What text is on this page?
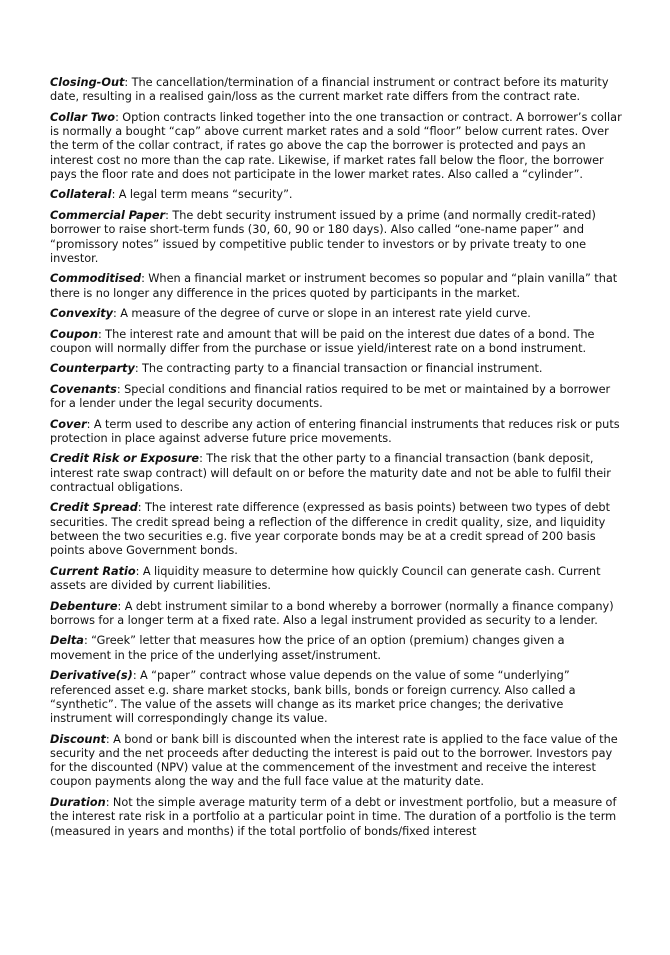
Closing-Out: The cancellation/termination of a financial instrument or contract before its maturity date, resulting in a realised gain/loss as the current market rate differs from the contract rate.

Collar Two: Option contracts linked together into the one transaction or contract. A borrower’s collar is normally a bought “cap” above current market rates and a sold “floor” below current rates. Over the term of the collar contract, if rates go above the cap the borrower is protected and pays an interest cost no more than the cap rate. Likewise, if market rates fall below the floor, the borrower pays the floor rate and does not participate in the lower market rates. Also called a “cylinder”.

Collateral: A legal term means “security”.

Commercial Paper: The debt security instrument issued by a prime (and normally credit-rated) borrower to raise short-term funds (30, 60, 90 or 180 days). Also called “one-name paper” and “promissory notes” issued by competitive public tender to investors or by private treaty to one investor.

Commoditised: When a financial market or instrument becomes so popular and “plain vanilla” that there is no longer any difference in the prices quoted by participants in the market.

Convexity: A measure of the degree of curve or slope in an interest rate yield curve.

Coupon: The interest rate and amount that will be paid on the interest due dates of a bond. The coupon will normally differ from the purchase or issue yield/interest rate on a bond instrument.

Counterparty: The contracting party to a financial transaction or financial instrument.

Covenants: Special conditions and financial ratios required to be met or maintained by a borrower for a lender under the legal security documents.

Cover: A term used to describe any action of entering financial instruments that reduces risk or puts protection in place against adverse future price movements.

Credit Risk or Exposure: The risk that the other party to a financial transaction (bank deposit, interest rate swap contract) will default on or before the maturity date and not be able to fulfil their contractual obligations.

Credit Spread: The interest rate difference (expressed as basis points) between two types of debt securities. The credit spread being a reflection of the difference in credit quality, size, and liquidity between the two securities e.g. five year corporate bonds may be at a credit spread of 200 basis points above Government bonds.

Current Ratio: A liquidity measure to determine how quickly Council can generate cash. Current assets are divided by current liabilities.

Debenture: A debt instrument similar to a bond whereby a borrower (normally a finance company) borrows for a longer term at a fixed rate. Also a legal instrument provided as security to a lender.

Delta: “Greek” letter that measures how the price of an option (premium) changes given a movement in the price of the underlying asset/instrument.

Derivative(s): A “paper” contract whose value depends on the value of some “underlying” referenced asset e.g. share market stocks, bank bills, bonds or foreign currency. Also called a “synthetic”. The value of the assets will change as its market price changes; the derivative instrument will correspondingly change its value.

Discount: A bond or bank bill is discounted when the interest rate is applied to the face value of the security and the net proceeds after deducting the interest is paid out to the borrower. Investors pay for the discounted (NPV) value at the commencement of the investment and receive the interest coupon payments along the way and the full face value at the maturity date.

Duration: Not the simple average maturity term of a debt or investment portfolio, but a measure of the interest rate risk in a portfolio at a particular point in time. The duration of a portfolio is the term (measured in years and months) if the total portfolio of bonds/fixed interest
